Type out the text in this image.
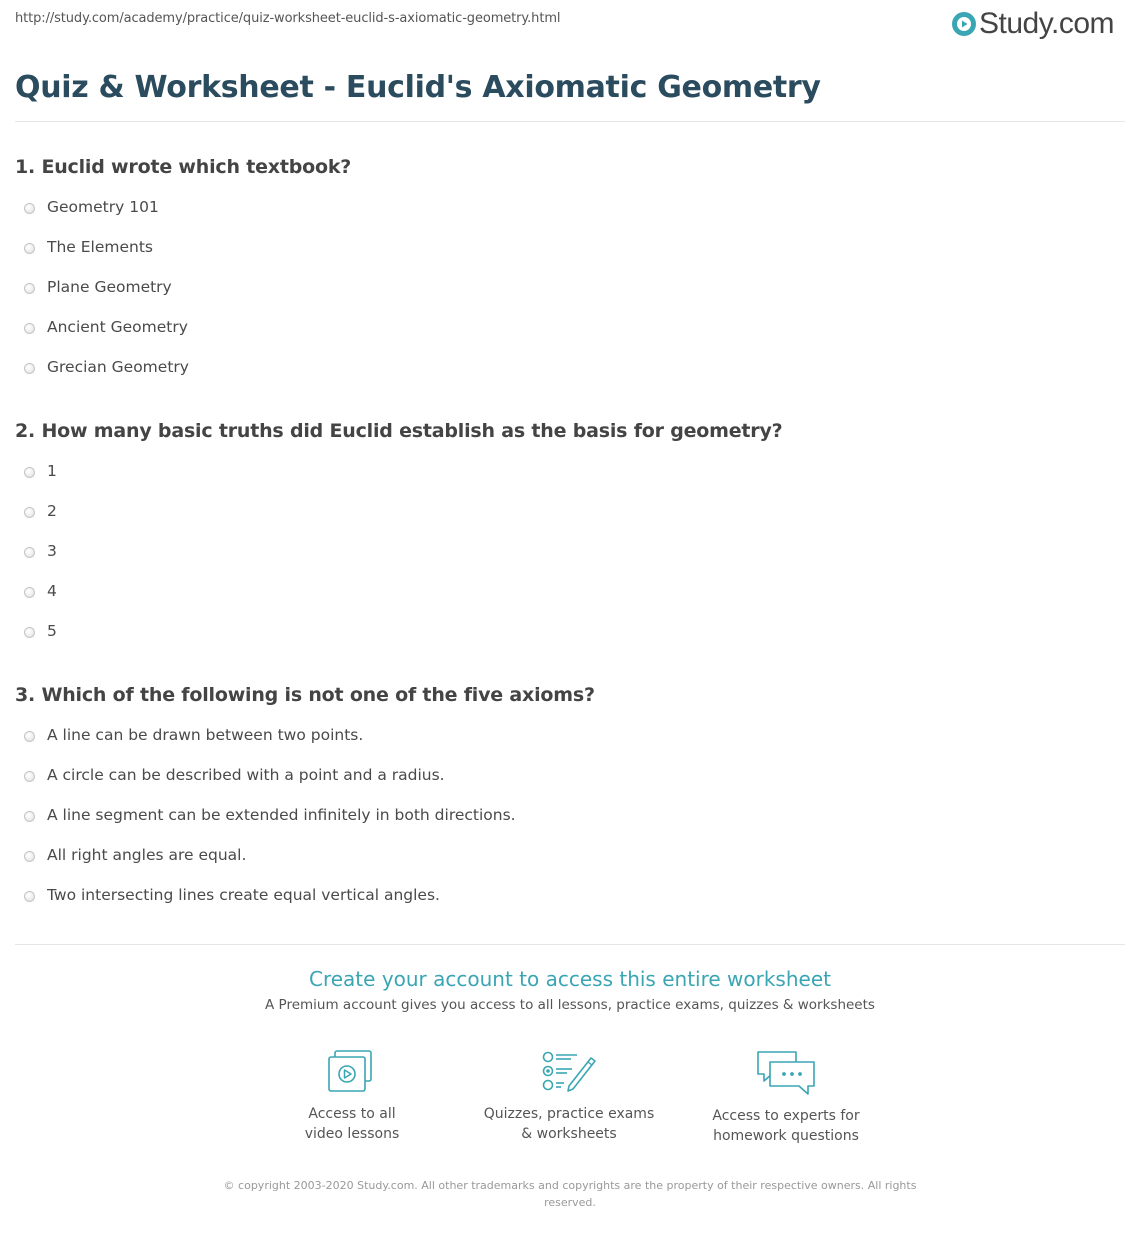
http://study.com/academy/practice/quiz-worksheet-euclid-s-axiomatic-geometry.html	Study.com
Quiz & Worksheet - Euclid's Axiomatic Geometry
1. Euclid wrote which textbook?
Geometry 101
The Elements
Plane Geometry
Ancient Geometry
Grecian Geometry
2. How many basic truths did Euclid establish as the basis for geometry?
1
2
3
4
5
3. Which of the following is not one of the five axioms?
A line can be drawn between two points.
A circle can be described with a point and a radius.
A line segment can be extended infinitely in both directions.
All right angles are equal.
Two intersecting lines create equal vertical angles.
Create your account to access this entire worksheet
A Premium account gives you access to all lessons, practice exams, quizzes & worksheets
Access to all
video lessons
Quizzes, practice exams
& worksheets
Access to experts for
homework questions
© copyright 2003-2020 Study.com. All other trademarks and copyrights are the property of their respective owners. All rights reserved.
